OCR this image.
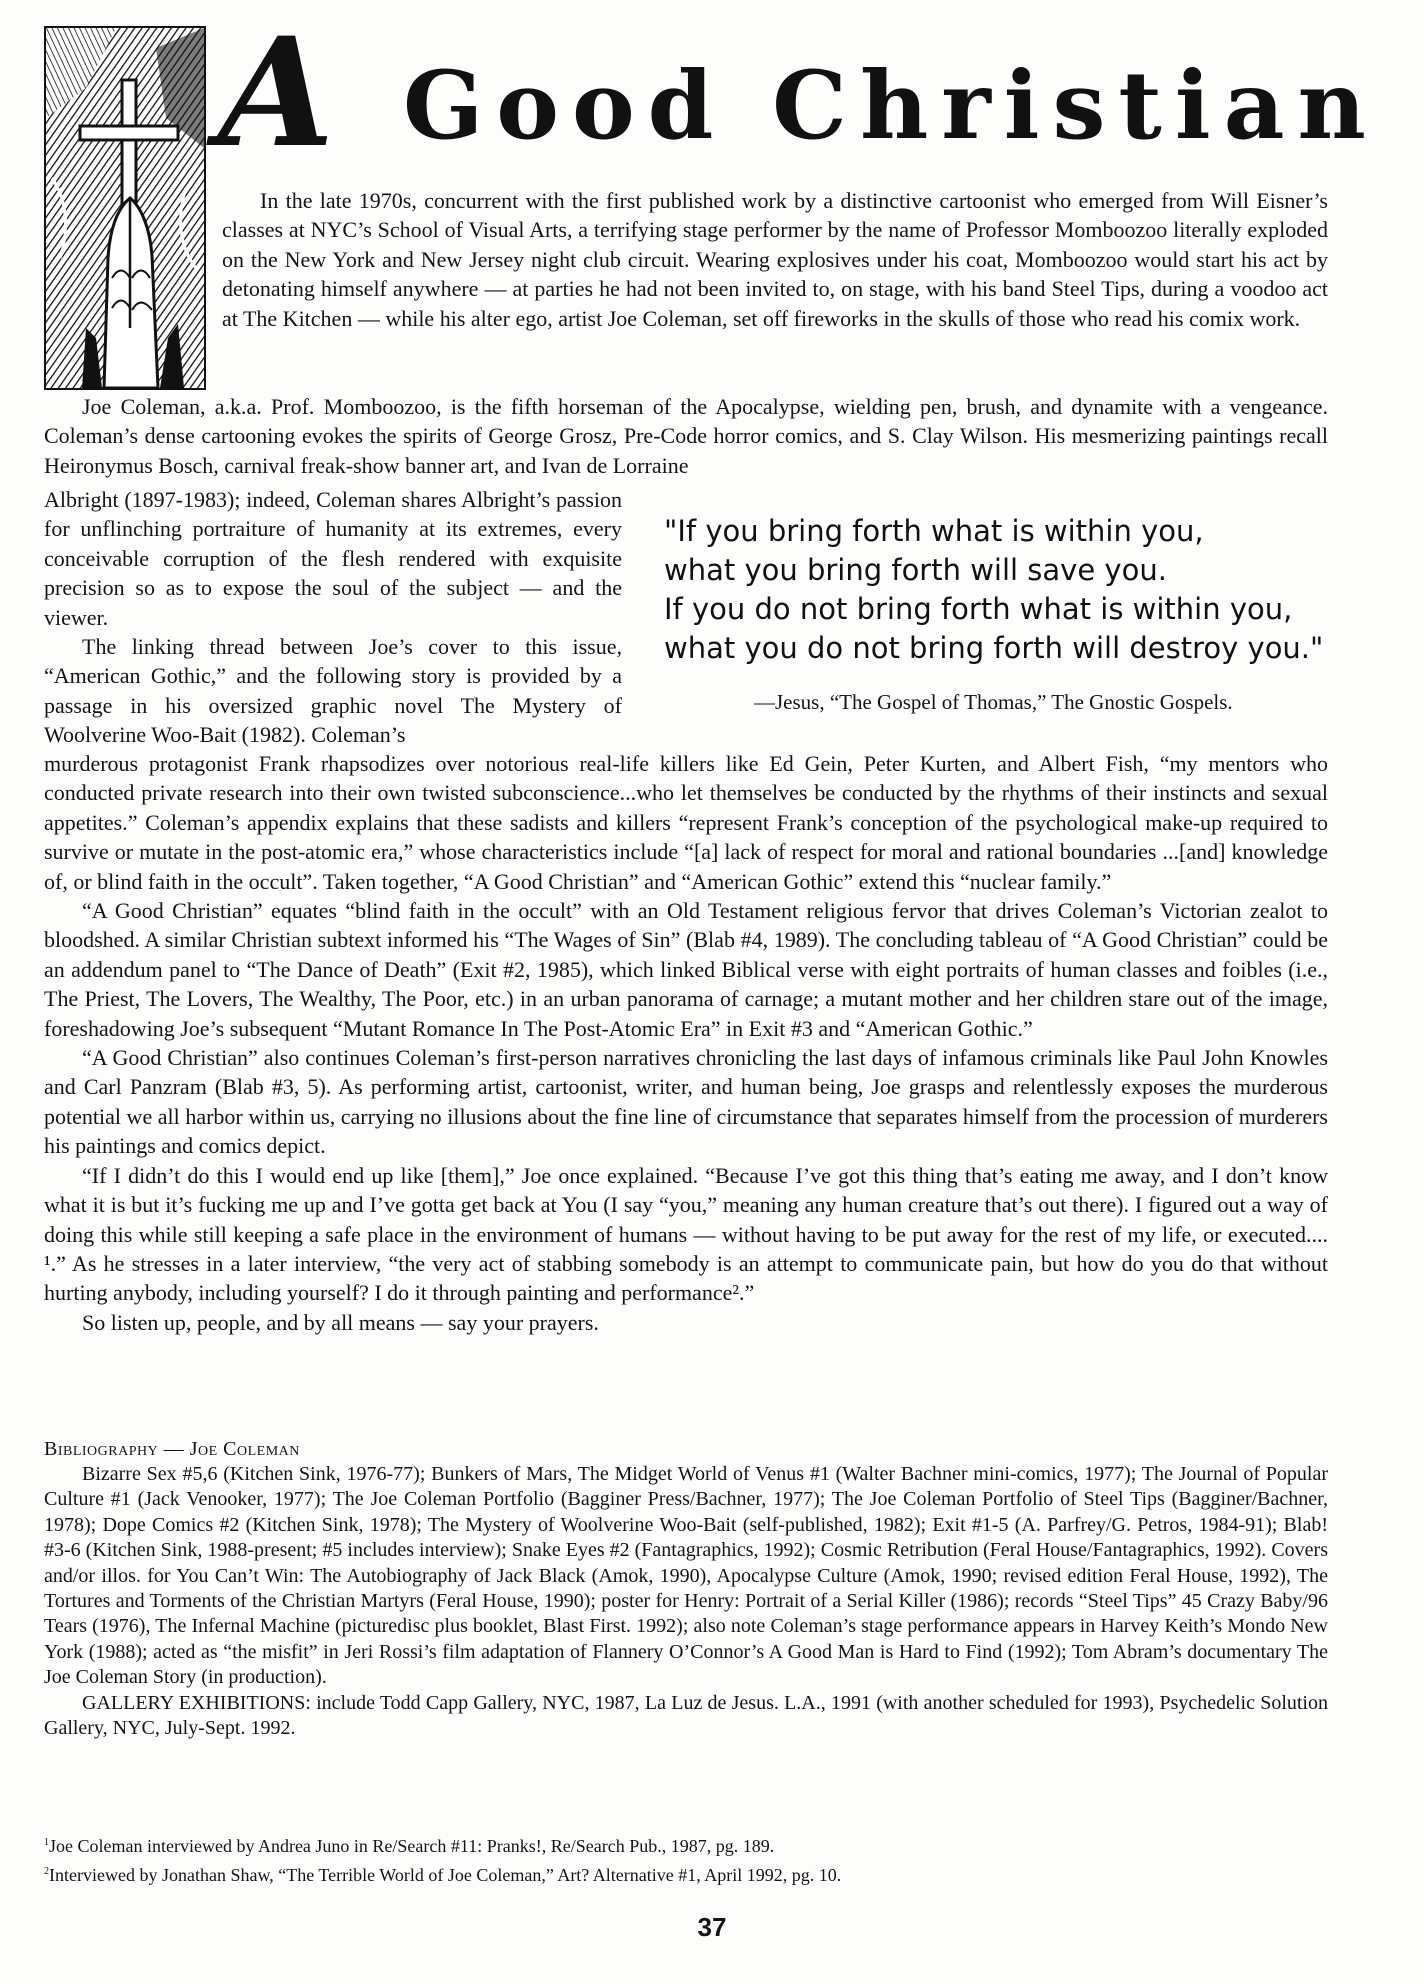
A Good Christian

In the late 1970s, concurrent with the first published work by a distinctive cartoonist who emerged from Will Eisner’s classes at NYC’s School of Visual Arts, a terrifying stage performer by the name of Professor Momboozoo literally exploded on the New York and New Jersey night club circuit. Wearing explosives under his coat, Momboozoo would start his act by detonating himself anywhere — at parties he had not been invited to, on stage, with his band Steel Tips, during a voodoo act at The Kitchen — while his alter ego, artist Joe Coleman, set off fireworks in the skulls of those who read his comix work.

Joe Coleman, a.k.a. Prof. Momboozoo, is the fifth horseman of the Apocalypse, wielding pen, brush, and dynamite with a vengeance. Coleman’s dense cartooning evokes the spirits of George Grosz, Pre-Code horror comics, and S. Clay Wilson. His mesmerizing paintings recall Heironymus Bosch, carnival freak-show banner art, and Ivan de Lorraine

Albright (1897-1983); indeed, Coleman shares Albright’s passion for unflinching portraiture of humanity at its extremes, every conceivable corruption of the flesh rendered with exquisite precision so as to expose the soul of the subject — and the viewer.

The linking thread between Joe’s cover to this issue, “American Gothic,” and the following story is provided by a passage in his oversized graphic novel The Mystery of Woolverine Woo-Bait (1982). Coleman’s

"If you bring forth what is within you,

what you bring forth will save you.

If you do not bring forth what is within you,

what you do not bring forth will destroy you."

—Jesus, “The Gospel of Thomas,” The Gnostic Gospels.

murderous protagonist Frank rhapsodizes over notorious real-life killers like Ed Gein, Peter Kurten, and Albert Fish, “my mentors who conducted private research into their own twisted subconscience...who let themselves be conducted by the rhythms of their instincts and sexual appetites.” Coleman’s appendix explains that these sadists and killers “represent Frank’s conception of the psychological make-up required to survive or mutate in the post-atomic era,” whose characteristics include “[a] lack of respect for moral and rational boundaries ...[and] knowledge of, or blind faith in the occult”. Taken together, “A Good Christian” and “American Gothic” extend this “nuclear family.”

“A Good Christian” equates “blind faith in the occult” with an Old Testament religious fervor that drives Coleman’s Victorian zealot to bloodshed. A similar Christian subtext informed his “The Wages of Sin” (Blab #4, 1989). The concluding tableau of “A Good Christian” could be an addendum panel to “The Dance of Death” (Exit #2, 1985), which linked Biblical verse with eight portraits of human classes and foibles (i.e., The Priest, The Lovers, The Wealthy, The Poor, etc.) in an urban panorama of carnage; a mutant mother and her children stare out of the image, foreshadowing Joe’s subsequent “Mutant Romance In The Post-Atomic Era” in Exit #3 and “American Gothic.”

“A Good Christian” also continues Coleman’s first-person narratives chronicling the last days of infamous criminals like Paul John Knowles and Carl Panzram (Blab #3, 5). As performing artist, cartoonist, writer, and human being, Joe grasps and relentlessly exposes the murderous potential we all harbor within us, carrying no illusions about the fine line of circumstance that separates himself from the procession of murderers his paintings and comics depict.

“If I didn’t do this I would end up like [them],” Joe once explained. “Because I’ve got this thing that’s eating me away, and I don’t know what it is but it’s fucking me up and I’ve gotta get back at You (I say “you,” meaning any human creature that’s out there). I figured out a way of doing this while still keeping a safe place in the environment of humans — without having to be put away for the rest of my life, or executed.... ¹.” As he stresses in a later interview, “the very act of stabbing somebody is an attempt to communicate pain, but how do you do that without hurting anybody, including yourself? I do it through painting and performance².”

So listen up, people, and by all means — say your prayers.

Bibliography — Joe Coleman

Bizarre Sex #5,6 (Kitchen Sink, 1976-77); Bunkers of Mars, The Midget World of Venus #1 (Walter Bachner mini-comics, 1977); The Journal of Popular Culture #1 (Jack Venooker, 1977); The Joe Coleman Portfolio (Bagginer Press/Bachner, 1977); The Joe Coleman Portfolio of Steel Tips (Bagginer/Bachner, 1978); Dope Comics #2 (Kitchen Sink, 1978); The Mystery of Woolverine Woo-Bait (self-published, 1982); Exit #1-5 (A. Parfrey/G. Petros, 1984-91); Blab! #3-6 (Kitchen Sink, 1988-present; #5 includes interview); Snake Eyes #2 (Fantagraphics, 1992); Cosmic Retribution (Feral House/Fantagraphics, 1992). Covers and/or illos. for You Can’t Win: The Autobiography of Jack Black (Amok, 1990), Apocalypse Culture (Amok, 1990; revised edition Feral House, 1992), The Tortures and Torments of the Christian Martyrs (Feral House, 1990); poster for Henry: Portrait of a Serial Killer (1986); records “Steel Tips” 45 Crazy Baby/96 Tears (1976), The Infernal Machine (picturedisc plus booklet, Blast First. 1992); also note Coleman’s stage performance appears in Harvey Keith’s Mondo New York (1988); acted as “the misfit” in Jeri Rossi’s film adaptation of Flannery O’Connor’s A Good Man is Hard to Find (1992); Tom Abram’s documentary The Joe Coleman Story (in production).

GALLERY EXHIBITIONS: include Todd Capp Gallery, NYC, 1987, La Luz de Jesus. L.A., 1991 (with another scheduled for 1993), Psychedelic Solution Gallery, NYC, July-Sept. 1992.

$^1$Joe Coleman interviewed by Andrea Juno in Re/Search #11: Pranks!, Re/Search Pub., 1987, pg. 189.

$^2$Interviewed by Jonathan Shaw, “The Terrible World of Joe Coleman,” Art? Alternative #1, April 1992, pg. 10.

37
